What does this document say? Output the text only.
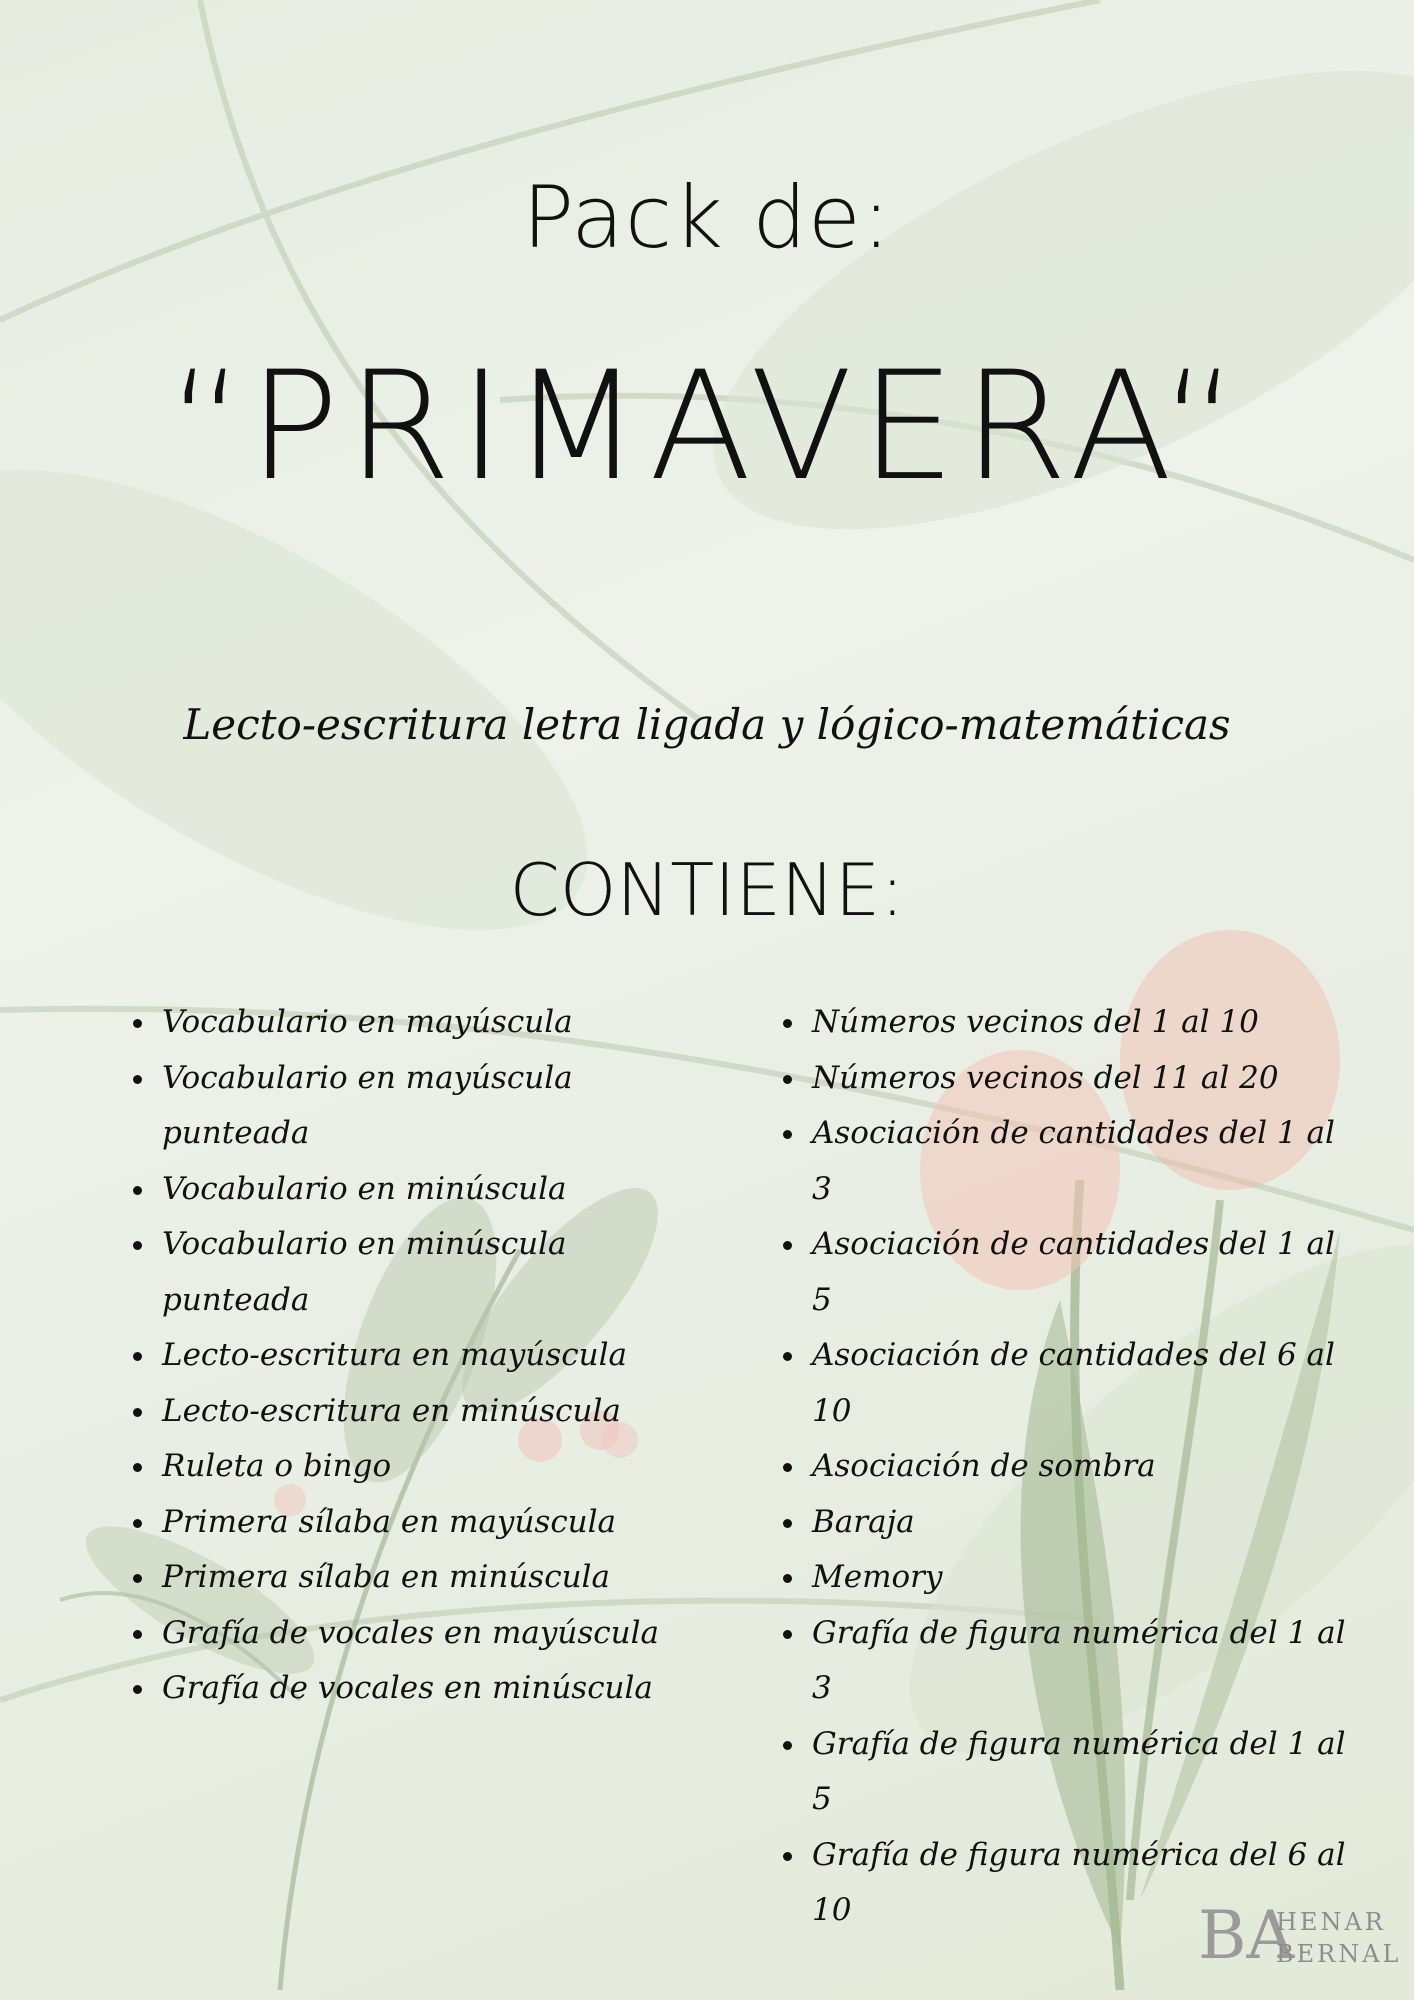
Pack de:
“PRIMAVERA“
Lecto-escritura letra ligada y lógico-matemáticas
CONTIENE:
• Vocabulario en mayúscula
• Vocabulario en mayúscula punteada
• Vocabulario en minúscula
• Vocabulario en minúscula punteada
• Lecto-escritura en mayúscula
• Lecto-escritura en minúscula
• Ruleta o bingo
• Primera sílaba en mayúscula
• Primera sílaba en minúscula
• Grafía de vocales en mayúscula
• Grafía de vocales en minúscula
• Números vecinos del 1 al 10
• Números vecinos del 11 al 20
• Asociación de cantidades del 1 al 3
• Asociación de cantidades del 1 al 5
• Asociación de cantidades del 6 al 10
• Asociación de sombra
• Baraja
• Memory
• Grafía de figura numérica del 1 al 3
• Grafía de figura numérica del 1 al 5
• Grafía de figura numérica del 6 al 10	BA
HENAR
BERNAL
